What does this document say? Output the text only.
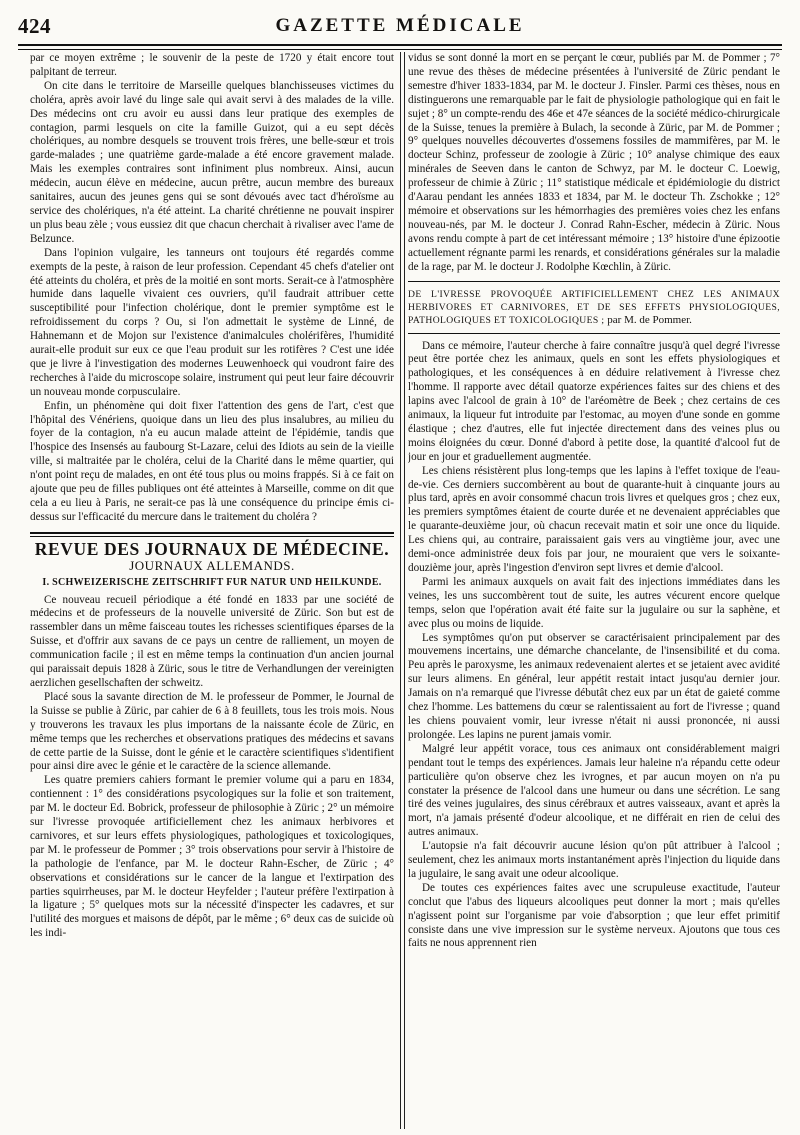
GAZETTE MÉDICALE
424

par ce moyen extrême ; le souvenir de la peste de 1720 y était encore tout palpitant de terreur.

On cite dans le territoire de Marseille quelques blanchisseuses victimes du choléra, après avoir lavé du linge sale qui avait servi à des malades de la ville. Des médecins ont cru avoir eu aussi dans leur pratique des exemples de contagion, parmi lesquels on cite la famille Guizot, qui a eu sept décès cholériques, au nombre desquels se trouvent trois frères, une belle-sœur et trois garde-malades ; une quatrième garde-malade a été encore gravement malade. Mais les exemples contraires sont infiniment plus nombreux. Ainsi, aucun médecin, aucun élève en médecine, aucun prêtre, aucun membre des bureaux sanitaires, aucun des jeunes gens qui se sont dévoués avec tact d'héroïsme au service des cholériques, n'a été atteint. La charité chrétienne ne pouvait inspirer un plus beau zèle ; vous eussiez dit que chacun cherchait à rivaliser avec l'ame de Belzunce.

Dans l'opinion vulgaire, les tanneurs ont toujours été regardés comme exempts de la peste, à raison de leur profession. Cependant 45 chefs d'atelier ont été atteints du choléra, et près de la moitié en sont morts. Serait-ce à l'atmosphère humide dans laquelle vivaient ces ouvriers, qu'il faudrait attribuer cette susceptibilité pour l'infection cholérique, dont le premier symptôme est le refroidissement du corps ? Ou, si l'on admettait le système de Linné, de Hahnemann et de Mojon sur l'existence d'animalcules cholérifères, l'humidité aurait-elle produit sur eux ce que l'eau produit sur les rotifères ? C'est une idée que je livre à l'investigation des modernes Leuwenhoeck qui voudront faire des recherches à l'aide du microscope solaire, instrument qui peut leur faire découvrir un nouveau monde corpusculaire.

Enfin, un phénomène qui doit fixer l'attention des gens de l'art, c'est que l'hôpital des Vénériens, quoique dans un lieu des plus insalubres, au milieu du foyer de la contagion, n'a eu aucun malade atteint de l'épidémie, tandis que l'hospice des Insensés au faubourg St-Lazare, celui des Idiots au sein de la vieille ville, si maltraitée par le choléra, celui de la Charité dans le même quartier, qui n'ont point reçu de malades, en ont été tous plus ou moins frappés. Si à ce fait on ajoute que peu de filles publiques ont été atteintes à Marseille, comme on dit que cela a eu lieu à Paris, ne serait-ce pas là une conséquence du principe émis ci-dessus sur l'efficacité du mercure dans le traitement du choléra ?

REVUE DES JOURNAUX DE MÉDECINE.
JOURNAUX ALLEMANDS.
I. SCHWEIZERISCHE ZEITSCHRIFT FUR NATUR UND HEILKUNDE.

Ce nouveau recueil périodique a été fondé en 1833 par une société de médecins et de professeurs de la nouvelle université de Züric. Son but est de rassembler dans un même faisceau toutes les richesses scientifiques éparses de la Suisse, et d'offrir aux savans de ce pays un centre de ralliement, un moyen de communication facile ; il est en même temps la continuation d'un ancien journal qui paraissait depuis 1828 à Züric, sous le titre de Verhandlungen der vereinigten aerzlichen gesellschaften der schweitz.

Placé sous la savante direction de M. le professeur de Pommer, le Journal de la Suisse se publie à Züric, par cahier de 6 à 8 feuillets, tous les trois mois. Nous y trouverons les travaux les plus importans de la naissante école de Züric, en même temps que les recherches et observations pratiques des médecins et savans de cette partie de la Suisse, dont le génie et le caractère scientifiques s'identifient pour ainsi dire avec le génie et le caractère de la science allemande.

Les quatre premiers cahiers formant le premier volume qui a paru en 1834, contiennent : 1° des considérations psycologiques sur la folie et son traitement, par M. le docteur Ed. Bobrick, professeur de philosophie à Züric ; 2° un mémoire sur l'ivresse provoquée artificiellement chez les animaux herbivores et carnivores, et sur leurs effets physiologiques, pathologiques et toxicologiques, par M. le professeur de Pommer ; 3° trois observations pour servir à l'histoire de la pathologie de l'enfance, par M. le docteur Rahn-Escher, de Züric ; 4° observations et considérations sur le cancer de la langue et l'extirpation des parties squirrheuses, par M. le docteur Heyfelder ; l'auteur préfère l'extirpation à la ligature ; 5° quelques mots sur la nécessité d'inspecter les cadavres, et sur l'utilité des morgues et maisons de dépôt, par le même ; 6° deux cas de suicide où les indi-

vidus se sont donné la mort en se perçant le cœur, publiés par M. de Pommer ; 7° une revue des thèses de médecine présentées à l'université de Züric pendant le semestre d'hiver 1833-1834, par M. le docteur J. Finsler. Parmi ces thèses, nous en distinguerons une remarquable par le fait de physiologie pathologique qui en fait le sujet ; 8° un compte-rendu des 46e et 47e séances de la société médico-chirurgicale de la Suisse, tenues la première à Bulach, la seconde à Züric, par M. de Pommer ; 9° quelques nouvelles découvertes d'ossemens fossiles de mammifères, par M. le docteur Schinz, professeur de zoologie à Züric ; 10° analyse chimique des eaux minérales de Seeven dans le canton de Schwyz, par M. le docteur C. Loewig, professeur de chimie à Züric ; 11° statistique médicale et épidémiologie du district d'Aarau pendant les années 1833 et 1834, par M. le docteur Th. Zschokke ; 12° mémoire et observations sur les hémorrhagies des premières voies chez les enfans nouveau-nés, par M. le docteur J. Conrad Rahn-Escher, médecin à Züric. Nous avons rendu compte à part de cet intéressant mémoire ; 13° histoire d'une épizootie actuellement régnante parmi les renards, et considérations générales sur la maladie de la rage, par M. le docteur J. Rodolphe Kœchlin, à Züric.

DE L'IVRESSE PROVOQUÉE ARTIFICIELLEMENT CHEZ LES ANIMAUX HERBIVORES ET CARNIVORES, ET DE SES EFFETS PHYSIOLOGIQUES, PATHOLOGIQUES ET TOXICOLOGIQUES ; par M. de Pommer.

Dans ce mémoire, l'auteur cherche à faire connaître jusqu'à quel degré l'ivresse peut être portée chez les animaux, quels en sont les effets physiologiques et pathologiques, et les conséquences à en déduire relativement à l'ivresse chez l'homme. Il rapporte avec détail quatorze expériences faites sur des chiens et des lapins avec l'alcool de grain à 10° de l'aréomètre de Beek ; chez certains de ces animaux, la liqueur fut introduite par l'estomac, au moyen d'une sonde en gomme élastique ; chez d'autres, elle fut injectée directement dans des veines plus ou moins éloignées du cœur. Donné d'abord à petite dose, la quantité d'alcool fut de jour en jour et graduellement augmentée.

Les chiens résistèrent plus long-temps que les lapins à l'effet toxique de l'eau-de-vie. Ces derniers succombèrent au bout de quarante-huit à cinquante jours au plus tard, après en avoir consommé chacun trois livres et quelques gros ; chez eux, les premiers symptômes étaient de courte durée et ne devenaient appréciables que le quarante-deuxième jour, où chacun recevait matin et soir une once du liquide. Les chiens qui, au contraire, paraissaient gais vers au vingtième jour, avec une demi-once administrée deux fois par jour, ne mouraient que vers le soixante-douzième jour, après l'ingestion d'environ sept livres et demie d'alcool.

Parmi les animaux auxquels on avait fait des injections immédiates dans les veines, les uns succombèrent tout de suite, les autres vécurent encore quelque temps, selon que l'opération avait été faite sur la jugulaire ou sur la saphène, et avec plus ou moins de liquide.

Les symptômes qu'on put observer se caractérisaient principalement par des mouvemens incertains, une démarche chancelante, de l'insensibilité et du coma. Peu après le paroxysme, les animaux redevenaient alertes et se jetaient avec avidité sur leurs alimens. En général, leur appétit restait intact jusqu'au dernier jour. Jamais on n'a remarqué que l'ivresse débutât chez eux par un état de gaieté comme chez l'homme. Les battemens du cœur se ralentissaient au fort de l'ivresse ; quand les chiens pouvaient vomir, leur ivresse n'était ni aussi prononcée, ni aussi prolongée. Les lapins ne purent jamais vomir.

Malgré leur appétit vorace, tous ces animaux ont considérablement maigri pendant tout le temps des expériences. Jamais leur haleine n'a répandu cette odeur particulière qu'on observe chez les ivrognes, et par aucun moyen on n'a pu constater la présence de l'alcool dans une humeur ou dans une sécrétion. Le sang tiré des veines jugulaires, des sinus cérébraux et autres vaisseaux, avant et après la mort, n'a jamais présenté d'odeur alcoolique, et ne différait en rien de celui des autres animaux.

L'autopsie n'a fait découvrir aucune lésion qu'on pût attribuer à l'alcool ; seulement, chez les animaux morts instantanément après l'injection du liquide dans la jugulaire, le sang avait une odeur alcoolique.

De toutes ces expériences faites avec une scrupuleuse exactitude, l'auteur conclut que l'abus des liqueurs alcooliques peut donner la mort ; mais qu'elles n'agissent point sur l'organisme par voie d'absorption ; que leur effet primitif consiste dans une vive impression sur le système nerveux. Ajoutons que tous ces faits ne nous apprennent rien
